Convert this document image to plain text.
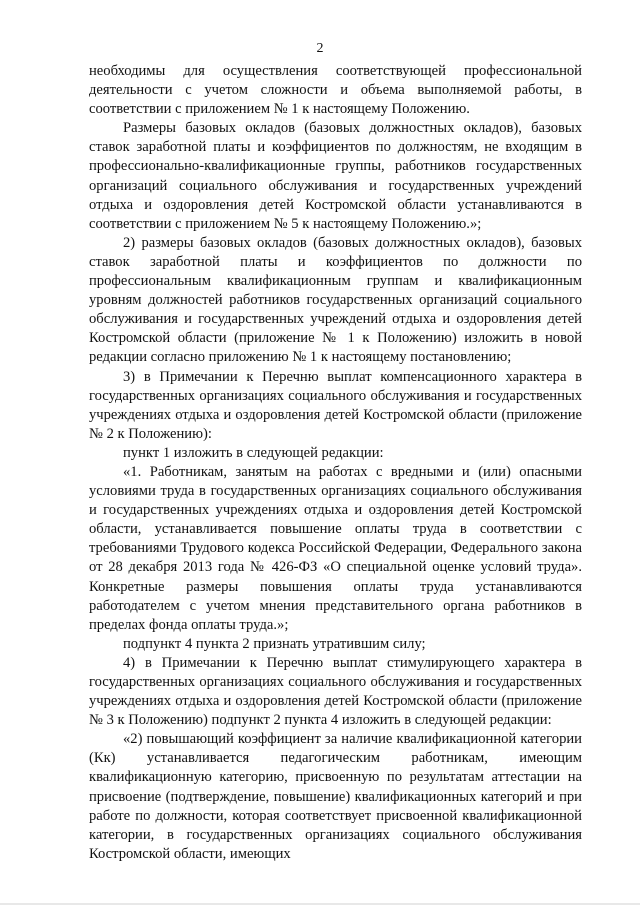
2

необходимы для осуществления соответствующей профессиональной деятельности с учетом сложности и объема выполняемой работы, в соответствии с приложением № 1 к настоящему Положению.

Размеры базовых окладов (базовых должностных окладов), базовых ставок заработной платы и коэффициентов по должностям, не входящим в профессионально-квалификационные группы, работников государственных организаций социального обслуживания и государственных учреждений отдыха и оздоровления детей Костромской области устанавливаются в соответствии с приложением № 5 к настоящему Положению.»;

2) размеры базовых окладов (базовых должностных окладов), базовых ставок заработной платы и коэффициентов по должности по профессиональным квалификационным группам и квалификационным уровням должностей работников государственных организаций социального обслуживания и государственных учреждений отдыха и оздоровления детей Костромской области (приложение № 1 к Положению) изложить в новой редакции согласно приложению № 1 к настоящему постановлению;

3) в Примечании к Перечню выплат компенсационного характера в государственных организациях социального обслуживания и государственных учреждениях отдыха и оздоровления детей Костромской области (приложение № 2 к Положению):

пункт 1 изложить в следующей редакции:

«1. Работникам, занятым на работах с вредными и (или) опасными условиями труда в государственных организациях социального обслуживания и государственных учреждениях отдыха и оздоровления детей Костромской области, устанавливается повышение оплаты труда в соответствии с требованиями Трудового кодекса Российской Федерации, Федерального закона от 28 декабря 2013 года № 426-ФЗ «О специальной оценке условий труда». Конкретные размеры повышения оплаты труда устанавливаются работодателем с учетом мнения представительного органа работников в пределах фонда оплаты труда.»;

подпункт 4 пункта 2 признать утратившим силу;

4) в Примечании к Перечню выплат стимулирующего характера в государственных организациях социального обслуживания и государственных учреждениях отдыха и оздоровления детей Костромской области (приложение № 3 к Положению) подпункт 2 пункта 4 изложить в следующей редакции:

«2) повышающий коэффициент за наличие квалификационной категории (Кк) устанавливается педагогическим работникам, имеющим квалификационную категорию, присвоенную по результатам аттестации на присвоение (подтверждение, повышение) квалификационных категорий и при работе по должности, которая соответствует присвоенной квалификационной категории, в государственных организациях социального обслуживания Костромской области, имеющих
